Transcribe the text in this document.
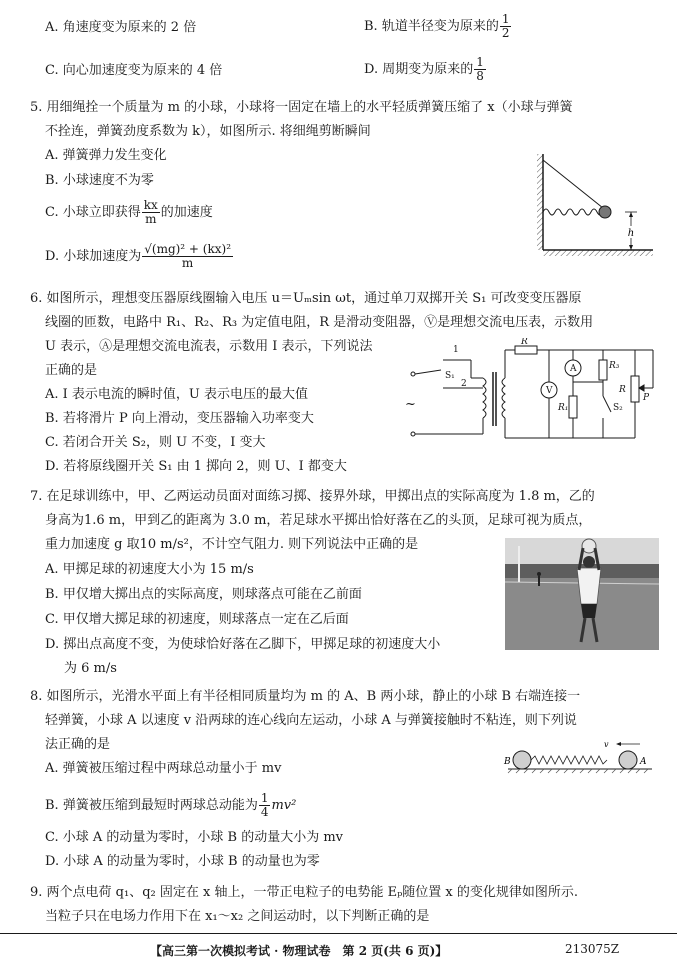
A. 角速度变为原来的 2 倍	B. 轨道半径变为原来的 $\frac{1}{2}$
C. 向心加速度变为原来的 4 倍	D. 周期变为原来的 $\frac{1}{8}$
5. 用细绳拴一个质量为 m 的小球，小球将一固定在墙上的水平轻质弹簧压缩了 x（小球与弹簧
不拴连，弹簧劲度系数为 k），如图所示. 将细绳剪断瞬间
A. 弹簧弹力发生变化
B. 小球速度不为零
C. 小球立即获得 $\frac{kx}{m}$ 的加速度
D. 小球加速度为 $\frac{\text{√(mg)² + (kx)²}}{m}$
h
6. 如图所示，理想变压器原线圈输入电压 u＝Uₘsin ωt，通过单刀双掷开关 S₁ 可改变变压器原
线圈的匝数，电路中 R₁、R₂、R₃ 为定值电阻，R 是滑动变阻器，Ⓥ是理想交流电压表，示数用
U 表示，Ⓐ是理想交流电流表，示数用 I 表示，下列说法
正确的是
A. I 表示电流的瞬时值，U 表示电压的最大值
B. 若将滑片 P 向上滑动，变压器输入功率变大
C. 若闭合开关 S₂，则 U 不变，I 变大
D. 若将原线圈开关 S₁ 由 1 掷向 2，则 U、I 都变大
1
2
S₁
R
V
A
R₁
R₃
S₂
R
P
~
7. 在足球训练中，甲、乙两运动员面对面练习掷、接界外球，甲掷出点的实际高度为 1.8 m，乙的
身高为1.6 m，甲到乙的距离为 3.0 m，若足球水平掷出恰好落在乙的头顶，足球可视为质点，
重力加速度 g 取10 m/s²，不计空气阻力. 则下列说法中正确的是
A. 甲掷足球的初速度大小为 15 m/s
B. 甲仅增大掷出点的实际高度，则球落点可能在乙前面
C. 甲仅增大掷足球的初速度，则球落点一定在乙后面
D. 掷出点高度不变，为使球恰好落在乙脚下，甲掷足球的初速度大小
为 6 m/s
8. 如图所示，光滑水平面上有半径相同质量均为 m 的 A、B 两小球，静止的小球 B 右端连接一
轻弹簧，小球 A 以速度 v 沿两球的连心线向左运动，小球 A 与弹簧接触时不粘连，则下列说
法正确的是
A. 弹簧被压缩过程中两球总动量小于 mv
B. 弹簧被压缩到最短时两球总动能为 $\frac{1}{4} mv^2$
C. 小球 A 的动量为零时，小球 B 的动量大小为 mv
D. 小球 A 的动量为零时，小球 B 的动量也为零
B	A
v
9. 两个点电荷 q₁、q₂ 固定在 x 轴上，一带正电粒子的电势能 Eₚ随位置 x 的变化规律如图所示.
当粒子只在电场力作用下在 x₁～x₂ 之间运动时，以下判断正确的是
【高三第一次模拟考试 · 物理试卷　第 2 页(共 6 页)】	213075Z
